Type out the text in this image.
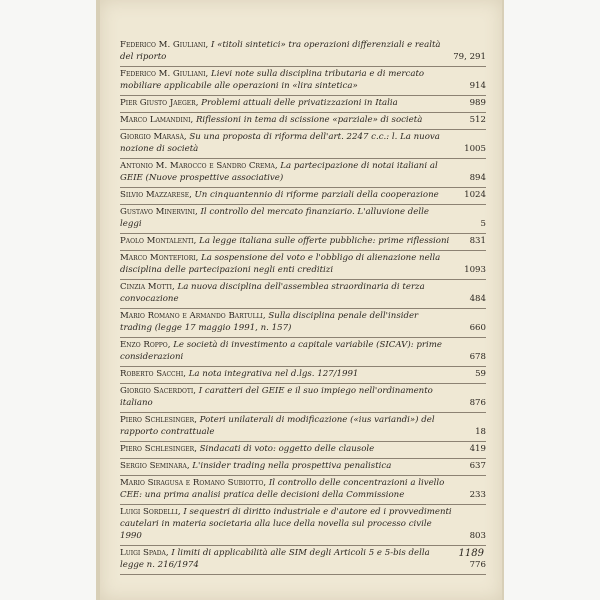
Federico M. Giuliani, I «titoli sintetici» tra operazioni differenziali e realtà del riporto	79, 291
Federico M. Giuliani, Lievi note sulla disciplina tributaria e di mercato mobiliare applicabile alle operazioni in «lira sintetica»	914
Pier Giusto Jaeger, Problemi attuali delle privatizzazioni in Italia	989
Marco Lamandini, Riflessioni in tema di scissione «parziale» di società	512
Giorgio Marasà, Su una proposta di riforma dell'art. 2247 c.c.: l. La nuova nozione di società	1005
Antonio M. Marocco e Sandro Crema, La partecipazione di notai italiani al GEIE (Nuove prospettive associative)	894
Silvio Mazzarese, Un cinquantennio di riforme parziali della cooperazione	1024
Gustavo Minervini, Il controllo del mercato finanziario. L'alluvione delle leggi	5
Paolo Montalenti, La legge italiana sulle offerte pubbliche: prime riflessioni 831
Marco Montefiori, La sospensione del voto e l'obbligo di alienazione nella disciplina delle partecipazioni negli enti creditizi	1093
Cinzia Motti, La nuova disciplina dell'assemblea straordinaria di terza convocazione	484
Mario Romano e Armando Bartulli, Sulla disciplina penale dell'insider trading (legge 17 maggio 1991, n. 157)	660
Enzo Roppo, Le società di investimento a capitale variabile (SICAV): prime considerazioni	678
Roberto Sacchi, La nota integrativa nel d.lgs. 127/1991	59
Giorgio Sacerdoti, I caratteri del GEIE e il suo impiego nell'ordinamento italiano	876
Piero Schlesinger, Poteri unilaterali di modificazione («ius variandi») del rapporto contrattuale	18
Piero Schlesinger, Sindacati di voto: oggetto delle clausole	419
Sergio Seminara, L'insider trading nella prospettiva penalistica	637
Mario Siragusa e Romano Subiotto, Il controllo delle concentrazioni a livello CEE: una prima analisi pratica delle decisioni della Commissione	233
Luigi Sordelli, I sequestri di diritto industriale e d'autore ed i provvedimenti cautelari in materia societaria alla luce della novella sul processo civile 1990	803
Luigi Spada, I limiti di applicabilità alle SIM degli Articoli 5 e 5-bis della legge n. 216/1974	776
1189
